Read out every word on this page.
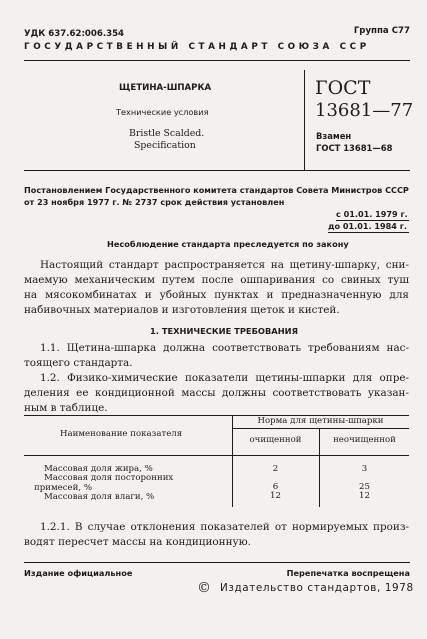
УДК 637.62:006.354	Группа С77
ГОСУДАРСТВЕННЫЙ СТАНДАРТ СОЮЗА ССР
ЩЕТИНА-ШПАРКА
Технические условия
Bristle Scalded.
Specification
ГОСТ
13681—77
Взамен
ГОСТ 13681—68
Постановлением Государственного комитета стандартов Совета Министров СССР
от 23 ноября 1977 г. № 2737 срок действия установлен
с 01.01. 1979 г.
до 01.01. 1984 г.
Несоблюдение стандарта преследуется по закону
Настоящий стандарт распространяется на щетину-шпарку, сни-
маемую механическим путем после ошпаривания со свиных туш
на мясокомбинатах и убойных пунктах и предназначенную для
набивочных материалов и изготовления щеток и кистей.
1. ТЕХНИЧЕСКИЕ ТРЕБОВАНИЯ
1.1. Щетина-шпарка должна соответствовать требованиям нас-
тоящего стандарта.
1.2. Физико-химические показатели щетины-шпарки для опре-
деления ее кондиционной массы должны соответствовать указан-
ным в таблице.
Наименование показателя
Норма для щетины-шпарки
очищенной	неочищенной
Массовая доля жира, %	2	3
Массовая доля посторонних
примесей, %	6	25
Массовая доля влаги, %	12	12
1.2.1. В случае отклонения показателей от нормируемых произ-
водят пересчет массы на кондиционную.
Издание официальное	Перепечатка воспрещена
© Издательство стандартов, 1978
